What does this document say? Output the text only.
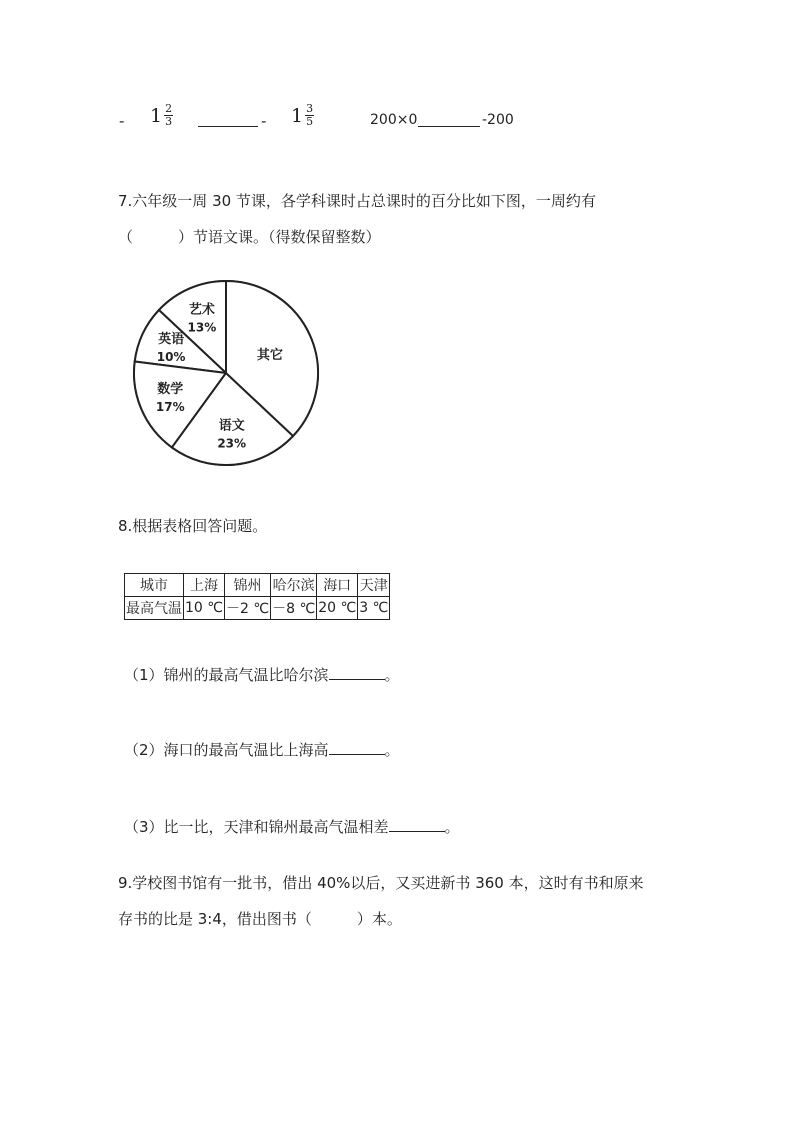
- $1 \frac{2}{3}$	- $1 \frac{3}{5}$	200×0	-200
7.六年级一周 30 节课，各学科课时占总课时的百分比如下图，一周约有
（　　　）节语文课。（得数保留整数）
艺术
13%
英语
10%
数学
17%
语文
23%
其它
8.根据表格回答问题。
城市	上海	锦州	哈尔滨	海口	天津
最高气温	10 ℃	－2 ℃	－8 ℃	20 ℃	3 ℃
（1）锦州的最高气温比哈尔滨	。
（2）海口的最高气温比上海高	。
（3）比一比，天津和锦州最高气温相差	。
9.学校图书馆有一批书，借出 40%以后，又买进新书 360 本，这时有书和原来
存书的比是 3:4，借出图书（　　　）本。
